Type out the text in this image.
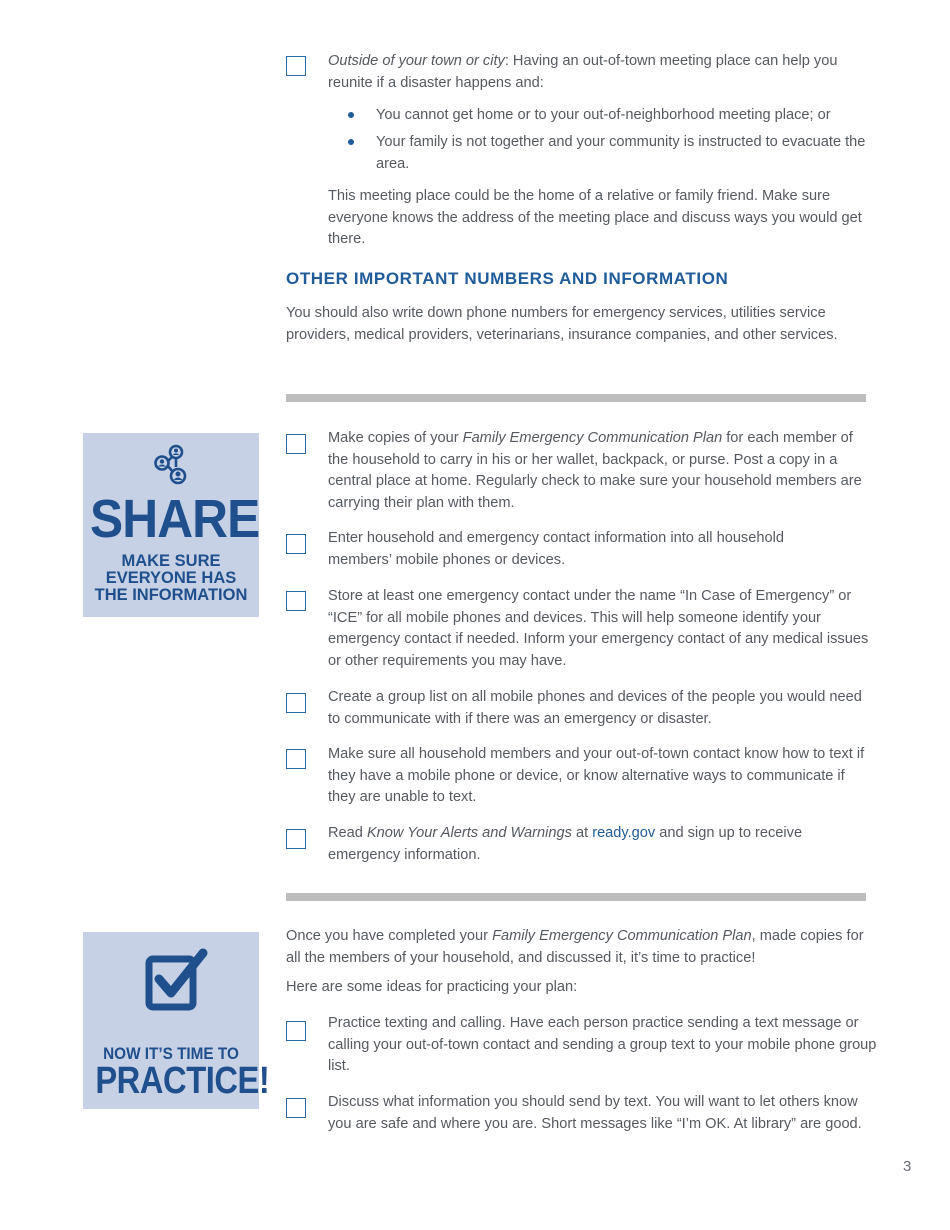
Outside of your town or city: Having an out-of-town meeting place can help you reunite if a disaster happens and:
You cannot get home or to your out-of-neighborhood meeting place; or
Your family is not together and your community is instructed to evacuate the area.
This meeting place could be the home of a relative or family friend. Make sure everyone knows the address of the meeting place and discuss ways you would get there.
OTHER IMPORTANT NUMBERS AND INFORMATION
You should also write down phone numbers for emergency services, utilities service providers, medical providers, veterinarians, insurance companies, and other services.
SHARE
MAKE SURE
EVERYONE HAS
THE INFORMATION
Make copies of your Family Emergency Communication Plan for each member of the household to carry in his or her wallet, backpack, or purse. Post a copy in a central place at home. Regularly check to make sure your household members are carrying their plan with them.
Enter household and emergency contact information into all household members’ mobile phones or devices.
Store at least one emergency contact under the name “In Case of Emergency” or “ICE” for all mobile phones and devices. This will help someone identify your emergency contact if needed. Inform your emergency contact of any medical issues or other requirements you may have.
Create a group list on all mobile phones and devices of the people you would need to communicate with if there was an emergency or disaster.
Make sure all household members and your out-of-town contact know how to text if they have a mobile phone or device, or know alternative ways to communicate if they are unable to text.
Read Know Your Alerts and Warnings at ready.gov and sign up to receive emergency information.
NOW IT’S TIME TO
PRACTICE!
Once you have completed your Family Emergency Communication Plan, made copies for all the members of your household, and discussed it, it’s time to practice!
Here are some ideas for practicing your plan:
Practice texting and calling. Have each person practice sending a text message or calling your out-of-town contact and sending a group text to your mobile phone group list.
Discuss what information you should send by text. You will want to let others know you are safe and where you are. Short messages like “I’m OK. At library” are good.
3
